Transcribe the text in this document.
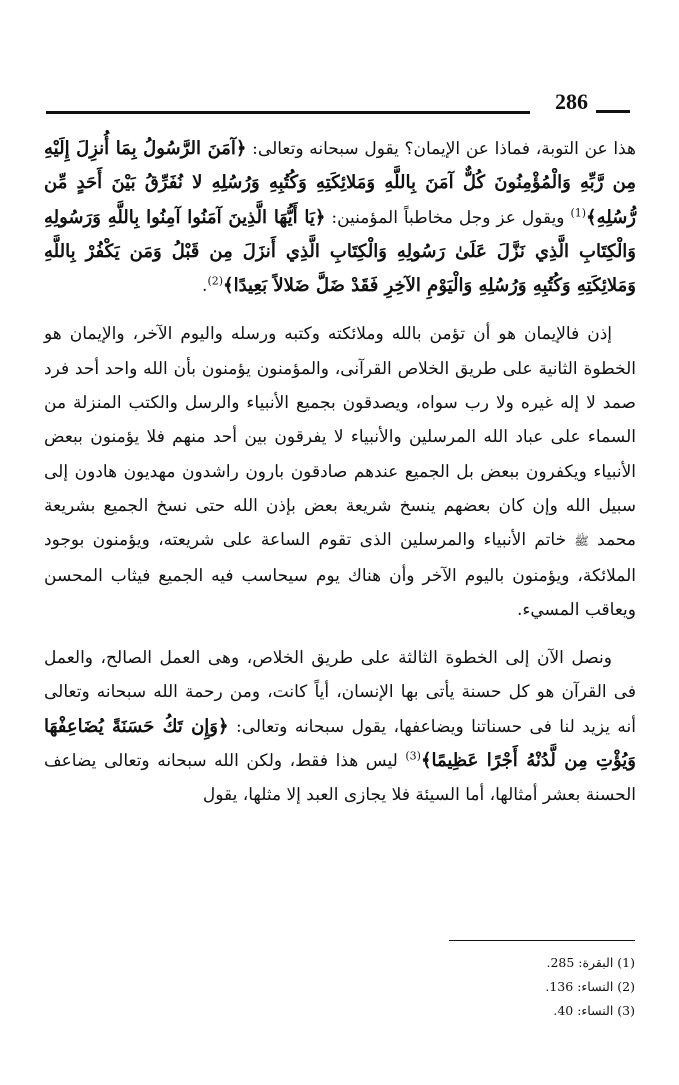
286

هذا عن التوبة، فماذا عن الإيمان؟ يقول سبحانه وتعالى: ﴿آمَنَ الرَّسُولُ بِمَا أُنزِلَ إِلَيْهِ مِن رَّبِّهِ وَالْمُؤْمِنُونَ كُلٌّ آمَنَ بِاللَّهِ وَمَلائِكَتِهِ وَكُتُبِهِ وَرُسُلِهِ لا نُفَرِّقُ بَيْنَ أَحَدٍ مِّن رُّسُلِهِ﴾$^{(1)}$ ويقول عز وجل مخاطباً المؤمنين: ﴿يَا أَيُّهَا الَّذِينَ آمَنُوا آمِنُوا بِاللَّهِ وَرَسُولِهِ وَالْكِتَابِ الَّذِي نَزَّلَ عَلَىٰ رَسُولِهِ وَالْكِتَابِ الَّذِي أَنزَلَ مِن قَبْلُ وَمَن يَكْفُرْ بِاللَّهِ وَمَلائِكَتِهِ وَكُتُبِهِ وَرُسُلِهِ وَالْيَوْمِ الآخِرِ فَقَدْ ضَلَّ ضَلالاً بَعِيدًا﴾$^{(2)}$.

إذن فالإيمان هو أن تؤمن بالله وملائكته وكتبه ورسله واليوم الآخر، والإيمان هو الخطوة الثانية على طريق الخلاص القرآنى، والمؤمنون يؤمنون بأن الله واحد أحد فرد صمد لا إله غيره ولا رب سواه، ويصدقون بجميع الأنبياء والرسل والكتب المنزلة من السماء على عباد الله المرسلين والأنبياء لا يفرقون بين أحد منهم فلا يؤمنون ببعض الأنبياء ويكفرون ببعض بل الجميع عندهم صادقون بارون راشدون مهديون هادون إلى سبيل الله وإن كان بعضهم ينسخ شريعة بعض بإذن الله حتى نسخ الجميع بشريعة محمد ﷺ خاتم الأنبياء والمرسلين الذى تقوم الساعة على شريعته، ويؤمنون بوجود الملائكة، ويؤمنون باليوم الآخر وأن هناك يوم سيحاسب فيه الجميع فيثاب المحسن ويعاقب المسيء.

ونصل الآن إلى الخطوة الثالثة على طريق الخلاص، وهى العمل الصالح، والعمل فى القرآن هو كل حسنة يأتى بها الإنسان، أياً كانت، ومن رحمة الله سبحانه وتعالى أنه يزيد لنا فى حسناتنا ويضاعفها، يقول سبحانه وتعالى: ﴿وَإِن تَكُ حَسَنَةً يُضَاعِفْهَا وَيُؤْتِ مِن لَّدُنْهُ أَجْرًا عَظِيمًا﴾$^{(3)}$ ليس هذا فقط، ولكن الله سبحانه وتعالى يضاعف الحسنة بعشر أمثالها، أما السيئة فلا يجازى العبد إلا مثلها، يقول

(1) البقرة: 285.

(2) النساء: 136.

(3) النساء: 40.
